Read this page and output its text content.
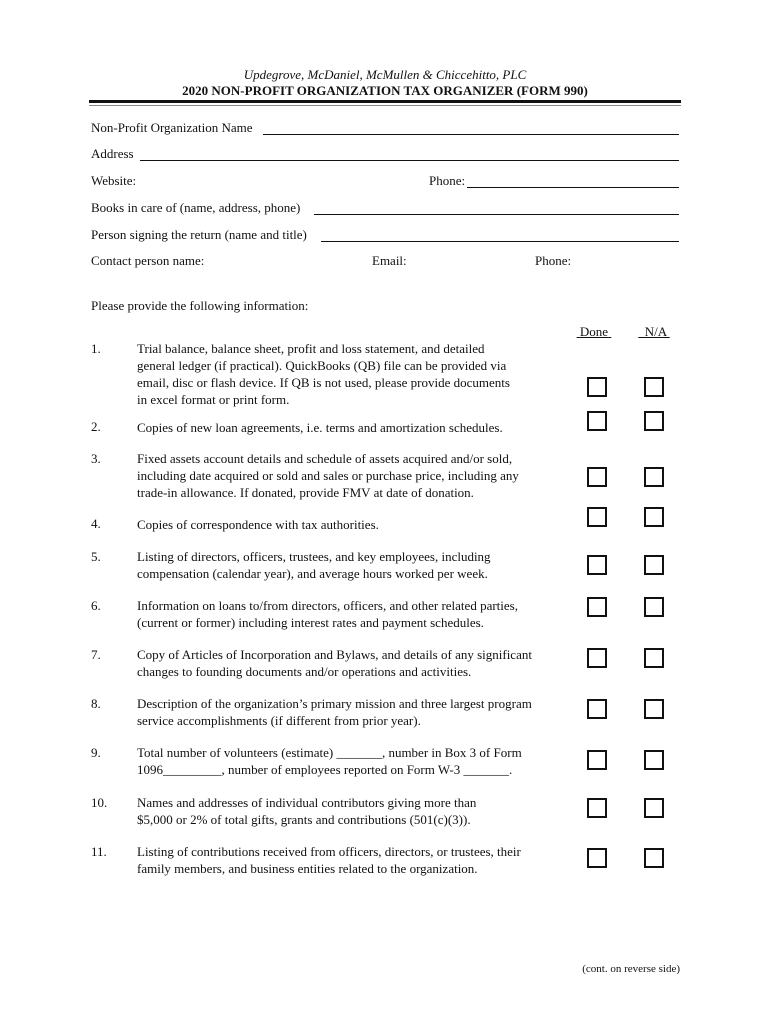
Updegrove, McDaniel, McMullen & Chiccehitto, PLC
2020 NON-PROFIT ORGANIZATION TAX ORGANIZER (FORM 990)
Non-Profit Organization Name
Address
Website:	Phone:
Books in care of (name, address, phone)
Person signing the return (name and title)
Contact person name:	Email:	Phone:
Please provide the following information:
Done	N/A
1.	Trial balance, balance sheet, profit and loss statement, and detailed general ledger (if practical). QuickBooks (QB) file can be provided via email, disc or flash device. If QB is not used, please provide documents in excel format or print form.
2.	Copies of new loan agreements, i.e. terms and amortization schedules.
3.	Fixed assets account details and schedule of assets acquired and/or sold, including date acquired or sold and sales or purchase price, including any trade-in allowance. If donated, provide FMV at date of donation.
4.	Copies of correspondence with tax authorities.
5.	Listing of directors, officers, trustees, and key employees, including compensation (calendar year), and average hours worked per week.
6.	Information on loans to/from directors, officers, and other related parties, (current or former) including interest rates and payment schedules.
7.	Copy of Articles of Incorporation and Bylaws, and details of any significant changes to founding documents and/or operations and activities.
8.	Description of the organization’s primary mission and three largest program service accomplishments (if different from prior year).
9.	Total number of volunteers (estimate) _______, number in Box 3 of Form 1096_________, number of employees reported on Form W-3 _______.
10. Names and addresses of individual contributors giving more than $5,000 or 2% of total gifts, grants and contributions (501(c)(3)).
11. Listing of contributions received from officers, directors, or trustees, their family members, and business entities related to the organization.
(cont. on reverse side)
